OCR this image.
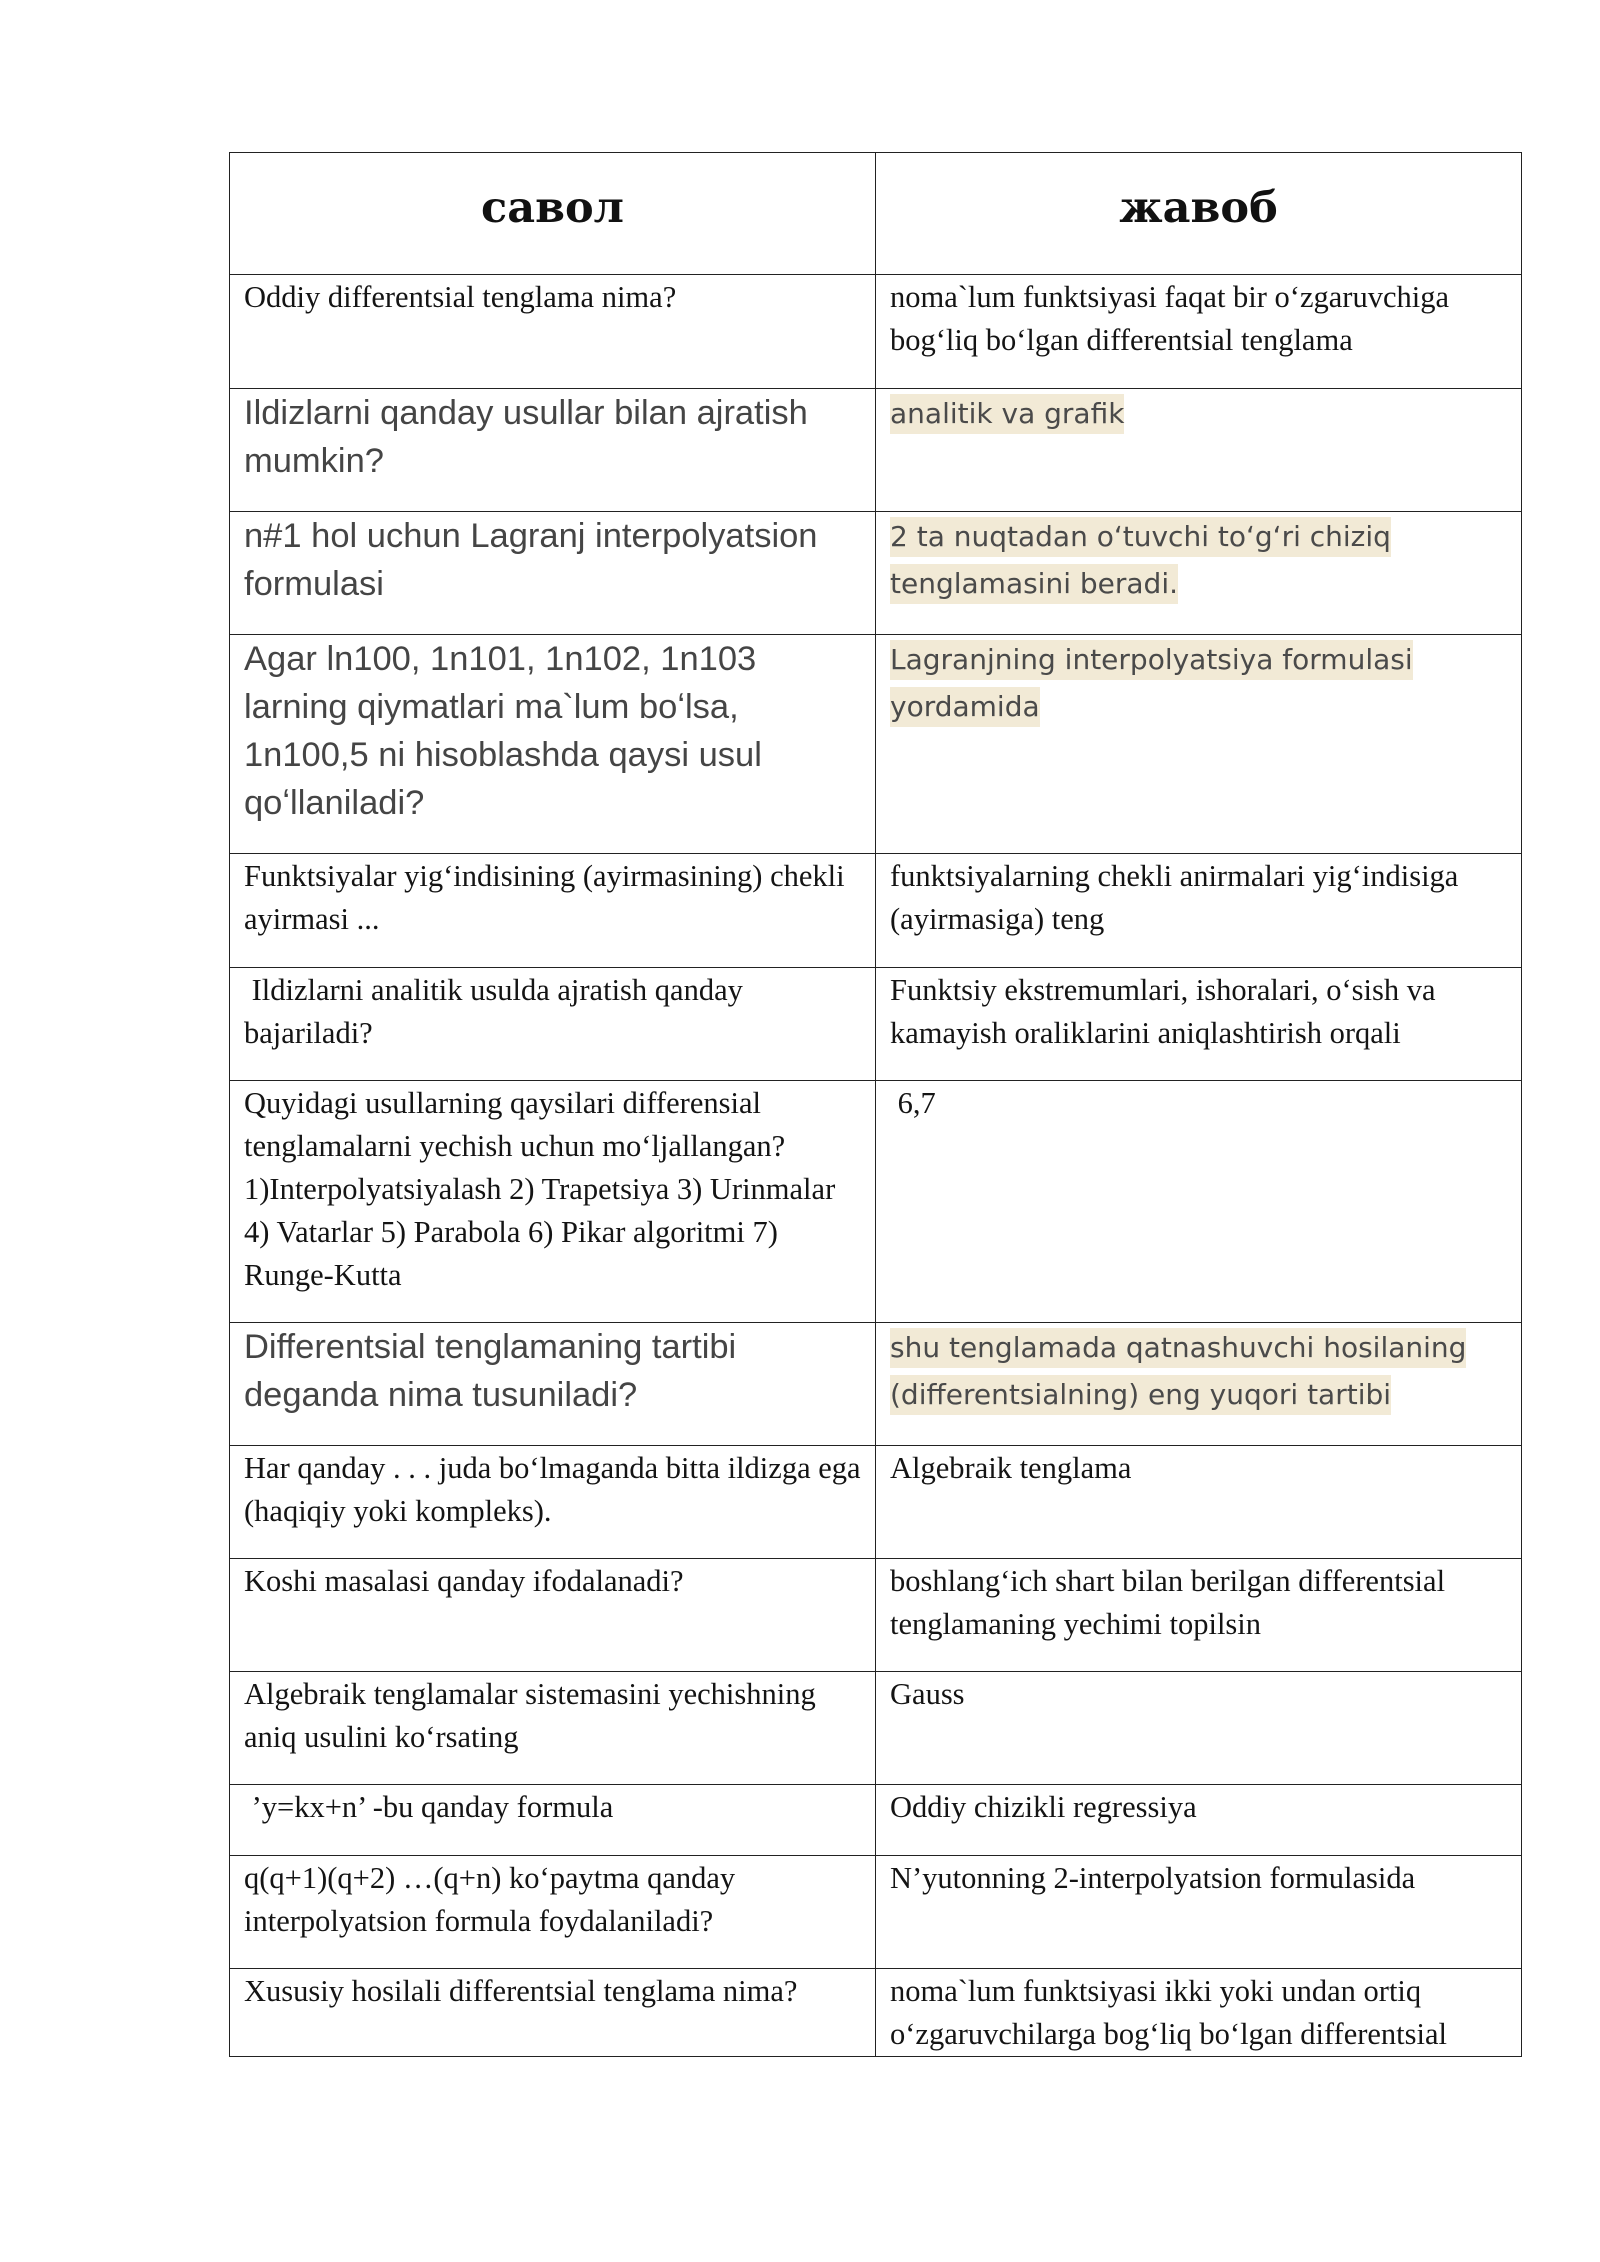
савол	жавоб
Oddiy differentsial tenglama nima?	noma`lum funktsiyasi faqat bir oʻzgaruvchiga bogʻliq boʻlgan differentsial tenglama
Ildizlarni qanday usullar bilan ajratish mumkin?	analitik va grafik
n#1 hol uchun Lagranj interpolyatsion formulasi	2 ta nuqtadan oʻtuvchi toʻgʻri chiziq tenglamasini beradi.
Agar ln100, 1n101, 1n102, 1n103 larning qiymatlari ma`lum boʻlsa, 1n100,5 ni hisoblashda qaysi usul qoʻllaniladi?	Lagranjning interpolyatsiya formulasi yordamida
Funktsiyalar yigʻindisining (ayirmasining) chekli ayirmasi ...	funktsiyalarning chekli anirmalari yigʻindisiga (ayirmasiga) teng
Ildizlarni analitik usulda ajratish qanday bajariladi?	Funktsiy ekstremumlari, ishoralari, oʻsish va kamayish oraliklarini aniqlashtirish orqali
Quyidagi usullarning qaysilari differensial tenglamalarni yechish uchun moʻljallangan? 1)Interpolyatsiyalash 2) Trapetsiya 3) Urinmalar 4) Vatarlar 5) Parabola 6) Pikar algoritmi 7) Runge-Kutta	6,7
Differentsial tenglamaning tartibi deganda nima tusuniladi?	shu tenglamada qatnashuvchi hosilaning (differentsialning) eng yuqori tartibi
Har qanday . . . juda boʻlmaganda bitta ildizga ega (haqiqiy yoki kompleks).	Algebraik tenglama
Koshi masalasi qanday ifodalanadi?	boshlangʻich shart bilan berilgan differentsial tenglamaning yechimi topilsin
Algebraik tenglamalar sistemasini yechishning aniq usulini koʻrsating	Gauss
’y=kx+n’ -bu qanday formula	Oddiy chizikli regressiya
q(q+1)(q+2) …(q+n) koʻpaytma qanday interpolyatsion formula foydalaniladi?	N’yutonning 2-interpolyatsion formulasida
Xususiy hosilali differentsial tenglama nima?	noma`lum funktsiyasi ikki yoki undan ortiq oʻzgaruvchilarga bogʻliq boʻlgan differentsial
